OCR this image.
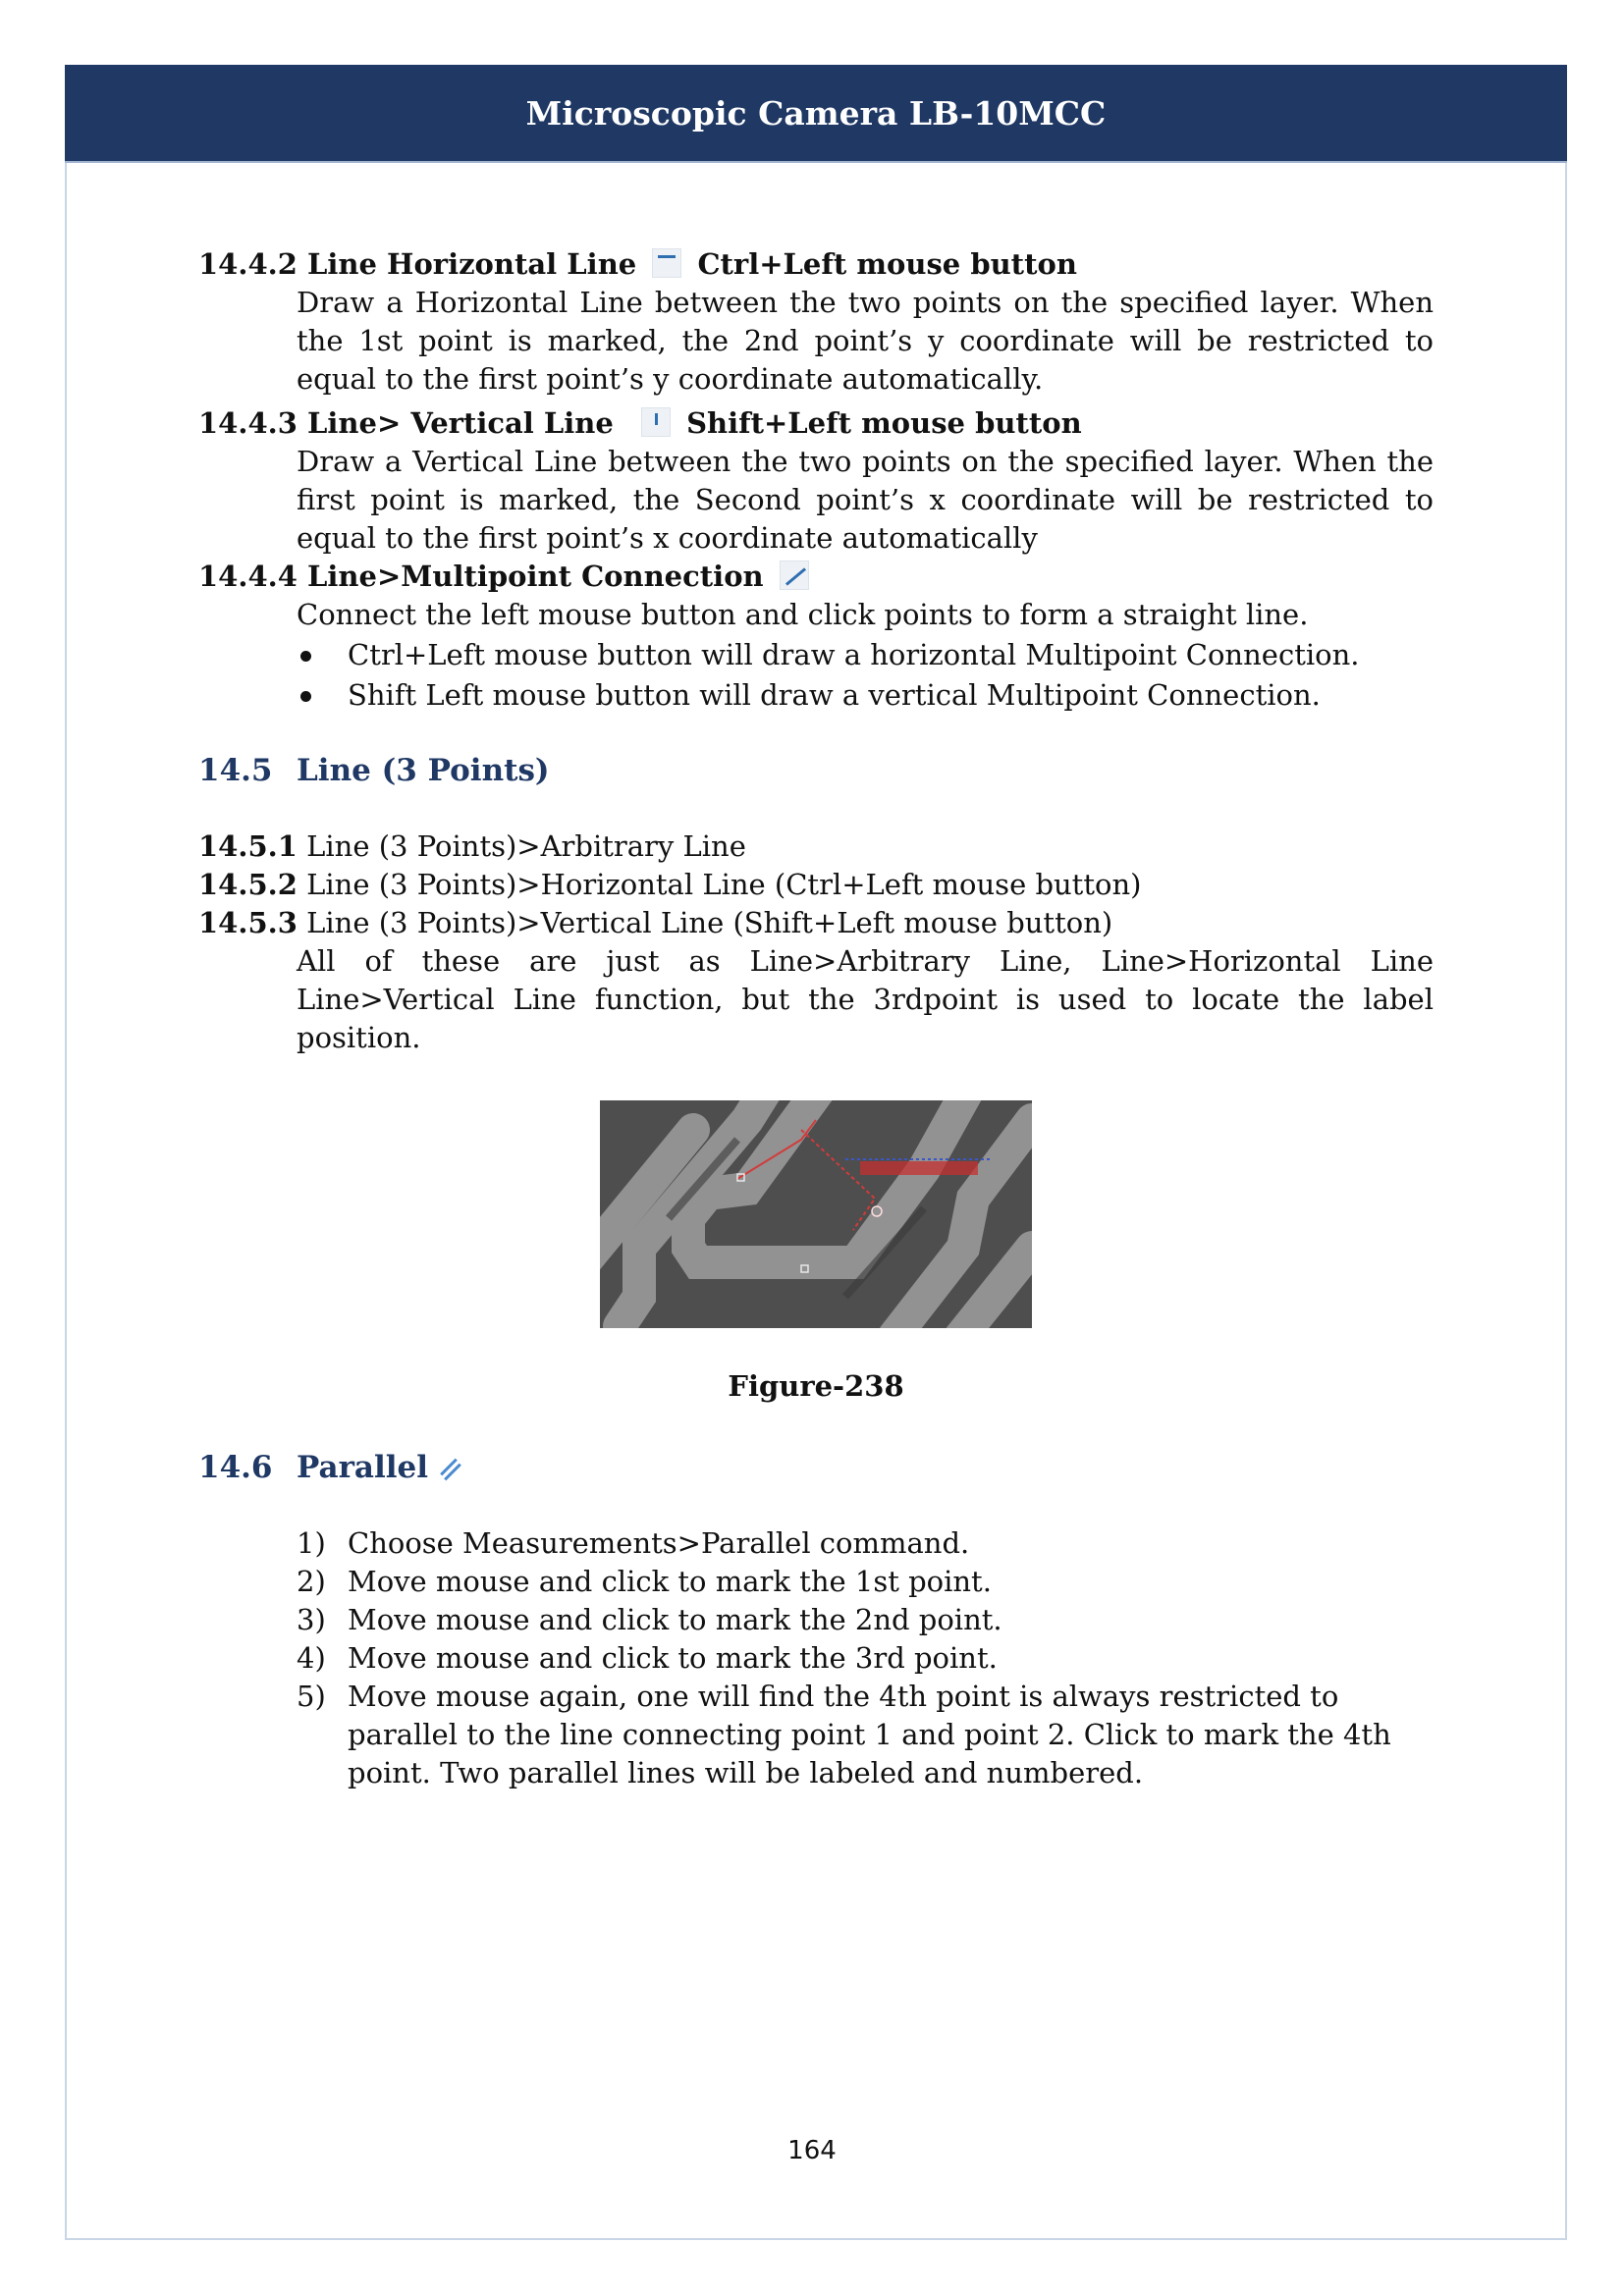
Microscopic Camera LB-10MCC
14.4.2 Line Horizontal Line Ctrl+Left mouse button
Draw a Horizontal Line between the two points on the specified layer. When the 1st point is marked, the 2nd point’s y coordinate will be restricted to equal to the first point’s y coordinate automatically.
14.4.3 Line> Vertical Line	Shift+Left mouse button
Draw a Vertical Line between the two points on the specified layer. When the first point is marked, the Second point’s x coordinate will be restricted to equal to the first point’s x coordinate automatically
14.4.4 Line>Multipoint Connection
Connect the left mouse button and click points to form a straight line.
Ctrl+Left mouse button will draw a horizontal Multipoint Connection.
Shift Left mouse button will draw a vertical Multipoint Connection.
14.5 Line (3 Points)
14.5.1 Line (3 Points)>Arbitrary Line
14.5.2 Line (3 Points)>Horizontal Line (Ctrl+Left mouse button)
14.5.3 Line (3 Points)>Vertical Line (Shift+Left mouse button)
All of these are just as Line>Arbitrary Line, Line>Horizontal Line Line>Vertical Line function, but the 3rdpoint is used to locate the label position.
Figure-238
14.6 Parallel
1) Choose Measurements>Parallel command.
2) Move mouse and click to mark the 1st point.
3) Move mouse and click to mark the 2nd point.
4) Move mouse and click to mark the 3rd point.
5) Move mouse again, one will find the 4th point is always restricted to parallel to the line connecting point 1 and point 2. Click to mark the 4th point. Two parallel lines will be labeled and numbered.
164
